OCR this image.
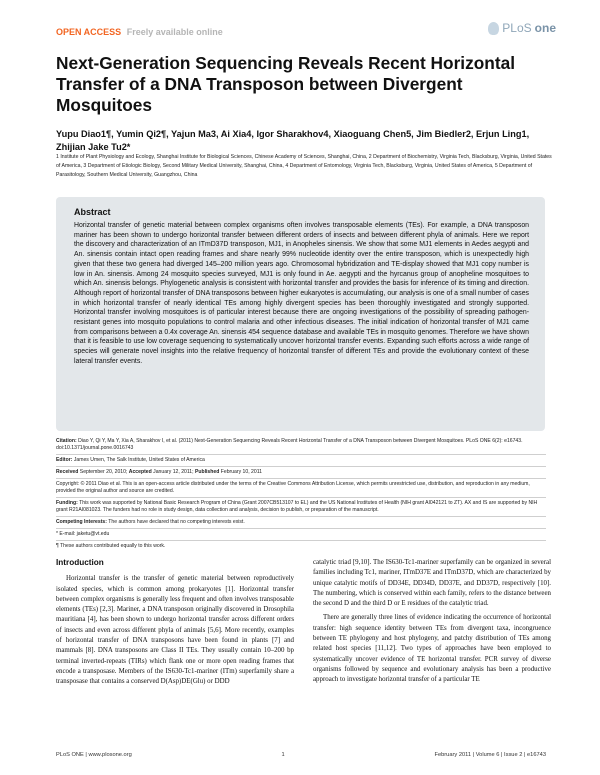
OPEN ACCESS Freely available online	PLoS one
Next-Generation Sequencing Reveals Recent Horizontal Transfer of a DNA Transposon between Divergent Mosquitoes
Yupu Diao1¶, Yumin Qi2¶, Yajun Ma3, Ai Xia4, Igor Sharakhov4, Xiaoguang Chen5, Jim Biedler2, Erjun Ling1, Zhijian Jake Tu2*
1 Institute of Plant Physiology and Ecology, Shanghai Institute for Biological Sciences, Chinese Academy of Sciences, Shanghai, China, 2 Department of Biochemistry, Virginia Tech, Blacksburg, Virginia, United States of America, 3 Department of Etiologic Biology, Second Military Medical University, Shanghai, China, 4 Department of Entomology, Virginia Tech, Blacksburg, Virginia, United States of America, 5 Department of Parasitology, Southern Medical University, Guangzhou, China
Abstract

Horizontal transfer of genetic material between complex organisms often involves transposable elements (TEs). For example, a DNA transposon mariner has been shown to undergo horizontal transfer between different orders of insects and between different phyla of animals. Here we report the discovery and characterization of an ITmD37D transposon, MJ1, in Anopheles sinensis. We show that some MJ1 elements in Aedes aegypti and An. sinensis contain intact open reading frames and share nearly 99% nucleotide identity over the entire transposon, which is unexpectedly high given that these two genera had diverged 145–200 million years ago. Chromosomal hybridization and TE-display showed that MJ1 copy number is low in An. sinensis. Among 24 mosquito species surveyed, MJ1 is only found in Ae. aegypti and the hyrcanus group of anopheline mosquitoes to which An. sinensis belongs. Phylogenetic analysis is consistent with horizontal transfer and provides the basis for inference of its timing and direction. Although report of horizontal transfer of DNA transposons between higher eukaryotes is accumulating, our analysis is one of a small number of cases in which horizontal transfer of nearly identical TEs among highly divergent species has been thoroughly investigated and strongly supported. Horizontal transfer involving mosquitoes is of particular interest because there are ongoing investigations of the possibility of spreading pathogen-resistant genes into mosquito populations to control malaria and other infectious diseases. The initial indication of horizontal transfer of MJ1 came from comparisons between a 0.4x coverage An. sinensis 454 sequence database and available TEs in mosquito genomes. Therefore we have shown that it is feasible to use low coverage sequencing to systematically uncover horizontal transfer events. Expanding such efforts across a wide range of species will generate novel insights into the relative frequency of horizontal transfer of different TEs and provide the evolutionary context of these lateral transfer events.

Citation: Diao Y, Qi Y, Ma Y, Xia A, Sharakhov I, et al. (2011) Next-Generation Sequencing Reveals Recent Horizontal Transfer of a DNA Transposon between Divergent Mosquitoes. PLoS ONE 6(2): e16743. doi:10.1371/journal.pone.0016743
Editor: James Umen, The Salk Institute, United States of America
Received September 20, 2010; Accepted January 12, 2011; Published February 10, 2011
Copyright: © 2011 Diao et al. This is an open-access article distributed under the terms of the Creative Commons Attribution License, which permits unrestricted use, distribution, and reproduction in any medium, provided the original author and source are credited.
Funding: This work was supported by National Basic Research Program of China (Grant 2007CB513107 to EL) and the US National Institutes of Health (NIH grant AI042121 to ZT). AX and IS are supported by NIH grant R21AI081023. The funders had no role in study design, data collection and analysis, decision to publish, or preparation of the manuscript.
Competing Interests: The authors have declared that no competing interests exist.
* E-mail: jaketu@vt.edu
¶ These authors contributed equally to this work.
Introduction

Horizontal transfer is the transfer of genetic material between reproductively isolated species, which is common among prokaryotes [1]. Horizontal transfer between complex organisms is generally less frequent and often involves transposable elements (TEs) [2,3]. Mariner, a DNA transposon originally discovered in Drosophila mauritiana [4], has been shown to undergo horizontal transfer across different orders of insects and even across different phyla of animals [5,6]. More recently, examples of horizontal transfer of DNA transposons have been found in plants [7] and mammals [8]. DNA transposons are Class II TEs. They usually contain 10–200 bp terminal inverted-repeats (TIRs) which flank one or more open reading frames that encode a transposase. Members of the IS630-Tc1-mariner (ITm) superfamily share a transposase that contains a conserved D(Asp)DE(Glu) or DDD

catalytic triad [9,10]. The IS630-Tc1-mariner superfamily can be organized in several families including Tc1, mariner, ITmD37E and ITmD37D, which are characterized by unique catalytic motifs of DD34E, DD34D, DD37E, and DD37D, respectively [10]. The numbering, which is conserved within each family, refers to the distance between the second D and the third D or E residues of the catalytic triad.

There are generally three lines of evidence indicating the occurrence of horizontal transfer: high sequence identity between TEs from divergent taxa, incongruence between TE phylogeny and host phylogeny, and patchy distribution of TEs among related host species [11,12]. Two types of approaches have been employed to systematically uncover evidence of TE horizontal transfer. PCR survey of diverse organisms followed by sequence and evolutionary analysis has been a productive approach to investigate horizontal transfer of a particular TE

PLoS ONE | www.plosone.org	1	February 2011 | Volume 6 | Issue 2 | e16743
